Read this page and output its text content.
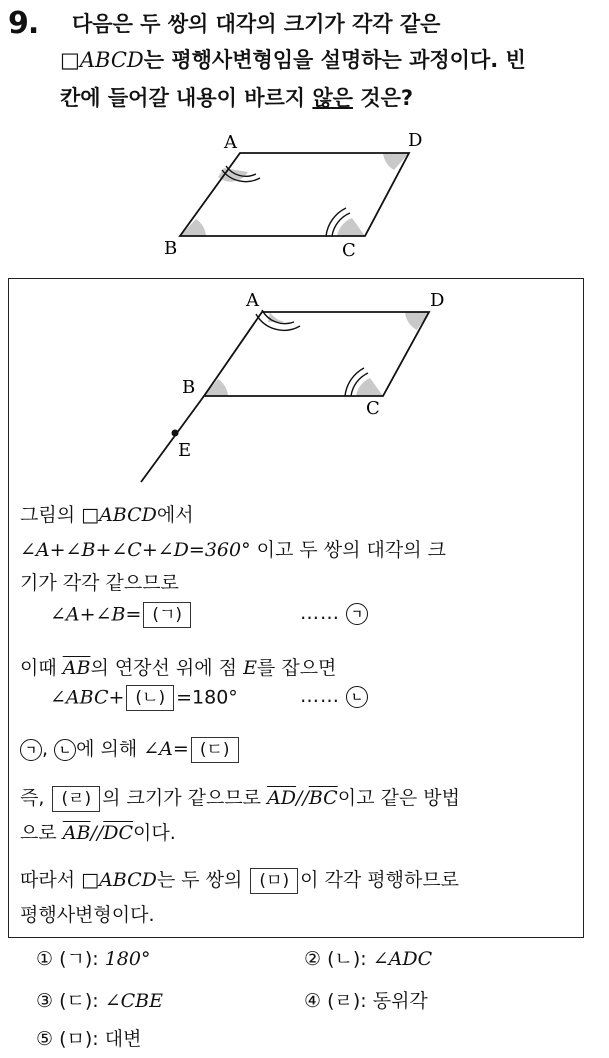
9. 다음은 두 쌍의 대각의 크기가 각각 같은
□ABCD는 평행사변형임을 설명하는 과정이다. 빈
칸에 들어갈 내용이 바르지 않은 것은?
A	D
B	C
A	D
B
C
E
그림의 □ABCD에서
∠A+∠B+∠C+∠D=360° 이고 두 쌍의 대각의 크
기가 각각 같으므로
∠A+∠B= (ㄱ)	…… ㄱ
이때 $\overline{AB}$의 연장선 위에 점 E를 잡으면
∠ABC+ (ㄴ) =180°	…… ㄴ
ㄱ , ㄴ 에 의해 ∠A= (ㄷ)
즉, (ㄹ) 의 크기가 같으므로 $\overline{AD}//\overline{BC}$이고 같은 방법
으로 $\overline{AB}//\overline{DC}$이다.
따라서 □ABCD는 두 쌍의 (ㅁ) 이 각각 평행하므로
평행사변형이다.
① (ㄱ): 180°	② (ㄴ): ∠ADC
③ (ㄷ): ∠CBE	④ (ㄹ): 동위각
⑤ (ㅁ): 대변
